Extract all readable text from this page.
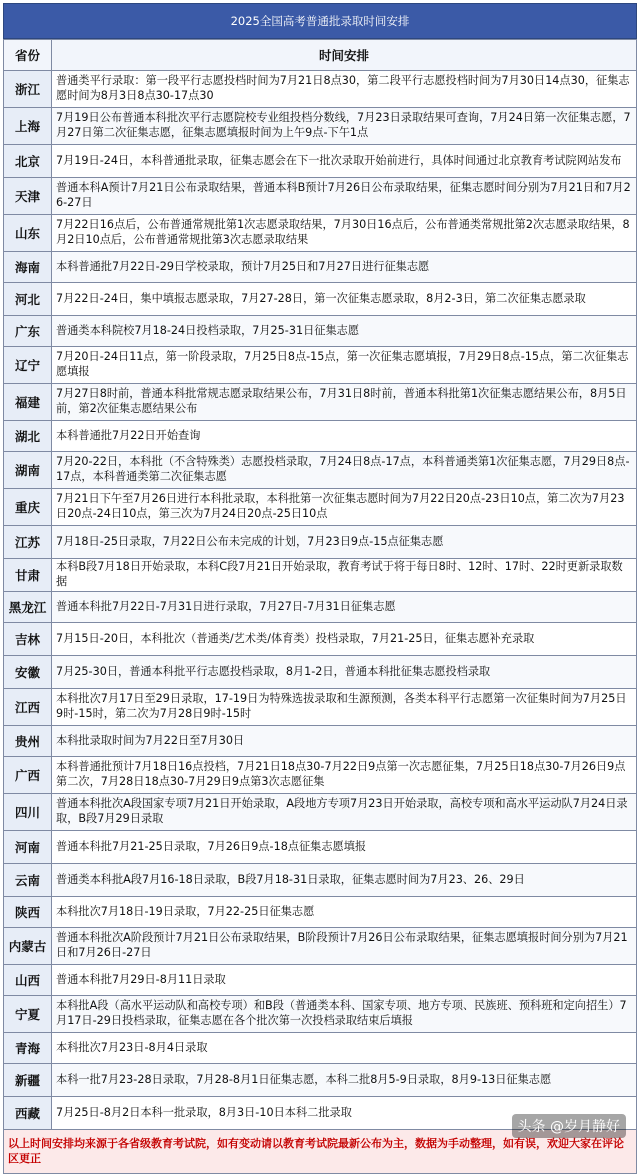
2025全国高考普通批录取时间安排
省份	时间安排
浙江	普通类平行录取：第一段平行志愿投档时间为7月21日8点30，第二段平行志愿投档时间为7月30日14点30，征集志愿时间为8月3日8点30-17点30
上海	7月19日公布普通本科批次平行志愿院校专业组投档分数线，7月23日录取结果可查询，7月24日第一次征集志愿，7月27日第二次征集志愿，征集志愿填报时间为上午9点-下午1点
北京	7月19日-24日，本科普通批录取，征集志愿会在下一批次录取开始前进行，具体时间通过北京教育考试院网站发布
天津	普通本科A预计7月21日公布录取结果，普通本科B预计7月26日公布录取结果，征集志愿时间分别为7月21日和7月26-27日
山东	7月22日16点后，公布普通常规批第1次志愿录取结果，7月30日16点后，公布普通类常规批第2次志愿录取结果，8月2日10点后，公布普通常规批第3次志愿录取结果
海南	本科普通批7月22日-29日学校录取，预计7月25日和7月27日进行征集志愿
河北	7月22日-24日，集中填报志愿录取，7月27-28日，第一次征集志愿录取，8月2-3日，第二次征集志愿录取
广东	普通类本科院校7月18-24日投档录取，7月25-31日征集志愿
辽宁	7月20日-24日11点，第一阶段录取，7月25日8点-15点，第一次征集志愿填报，7月29日8点-15点，第二次征集志愿填报
福建	7月27日8时前，普通本科批常规志愿录取结果公布，7月31日8时前，普通本科批第1次征集志愿结果公布，8月5日前，第2次征集志愿结果公布
湖北	本科普通批7月22日开始查询
湖南	7月20-22日，本科批（不含特殊类）志愿投档录取，7月24日8点-17点，本科普通类第1次征集志愿，7月29日8点-17点，本科普通类第二次征集志愿
重庆	7月21日下午至7月26日进行本科批录取，本科批第一次征集志愿时间为7月22日20点-23日10点，第二次为7月23日20点-24日10点，第三次为7月24日20点-25日10点
江苏	7月18日-25日录取，7月22日公布未完成的计划，7月23日9点-15点征集志愿
甘肃	本科B段7月18日开始录取，本科C段7月21日开始录取，教育考试于将于每日8时、12时、17时、22时更新录取数据
黑龙江	普通本科批7月22日-7月31日进行录取，7月27日-7月31日征集志愿
吉林	7月15日-20日，本科批次（普通类/艺术类/体育类）投档录取，7月21-25日，征集志愿补充录取
安徽	7月25-30日，普通本科批平行志愿投档录取，8月1-2日，普通本科批征集志愿投档录取
江西	本科批次7月17日至29日录取，17-19日为特殊选拔录取和生源预测，各类本科平行志愿第一次征集时间为7月25日9时-15时，第二次为7月28日9时-15时
贵州	本科批录取时间为7月22日至7月30日
广西	本科普通批预计7月18日16点投档，7月21日18点30-7月22日9点第一次志愿征集，7月25日18点30-7月26日9点第二次，7月28日18点30-7月29日9点第3次志愿征集
四川	普通本科批次A段国家专项7月21日开始录取，A段地方专项7月23日开始录取，高校专项和高水平运动队7月24日录取，B段7月29日录取
河南	普通本科批7月21-25日录取，7月26日9点-18点征集志愿填报
云南	普通类本科批A段7月16-18日录取，B段7月18-31日录取，征集志愿时间为7月23、26、29日
陕西	本科批次7月18日-19日录取，7月22-25日征集志愿
内蒙古	普通本科批次A阶段预计7月21日公布录取结果，B阶段预计7月26日公布录取结果，征集志愿填报时间分别为7月21日和7月26日-27日
山西	普通本科批7月29日-8月11日录取
宁夏	本科批A段（高水平运动队和高校专项）和B段（普通类本科、国家专项、地方专项、民族班、预科班和定向招生）7月17日-29日投档录取，征集志愿在各个批次第一次投档录取结束后填报
青海	本科批次7月23日-8月4日录取
新疆	本科一批7月23-28日录取，7月28-8月1日征集志愿，本科二批8月5-9日录取，8月9-13日征集志愿
西藏	7月25日-8月2日本科一批录取，8月3日-10日本科二批录取
以上时间安排均来源于各省级教育考试院，如有变动请以教育考试院最新公布为主，数据为手动整理，如有误，欢迎大家在评论区更正
头条 @岁月静好
